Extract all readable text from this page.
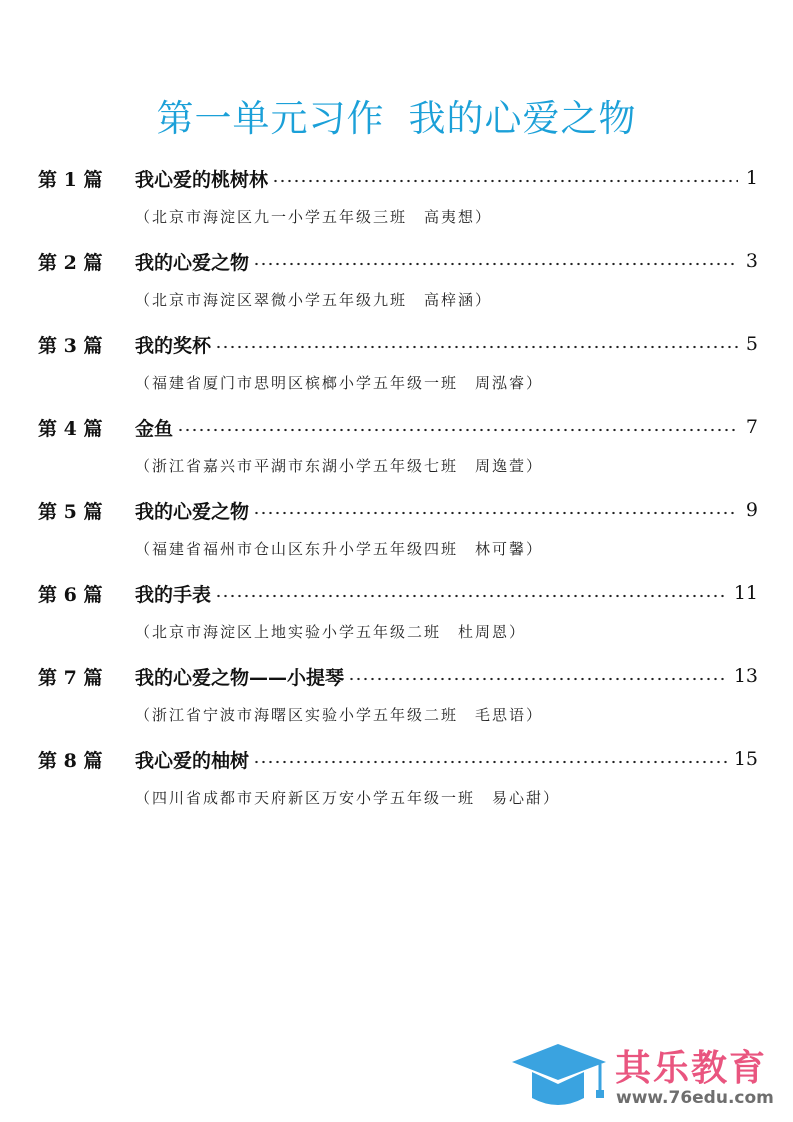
第一单元习作 我的心爱之物
第 1 篇	我心爱的桃树林	1
（北京市海淀区九一小学五年级三班　高夷想）
第 2 篇	我的心爱之物	3
（北京市海淀区翠微小学五年级九班　高梓涵）
第 3 篇	我的奖杯	5
（福建省厦门市思明区槟榔小学五年级一班　周泓睿）
第 4 篇	金鱼	7
（浙江省嘉兴市平湖市东湖小学五年级七班　周逸萱）
第 5 篇	我的心爱之物	9
（福建省福州市仓山区东升小学五年级四班　林可馨）
第 6 篇	我的手表	11
（北京市海淀区上地实验小学五年级二班　杜周恩）
第 7 篇	我的心爱之物——小提琴	13
（浙江省宁波市海曙区实验小学五年级二班　毛思语）
第 8 篇	我心爱的柚树	15
（四川省成都市天府新区万安小学五年级一班　易心甜）
其乐教育
www.76edu.com
